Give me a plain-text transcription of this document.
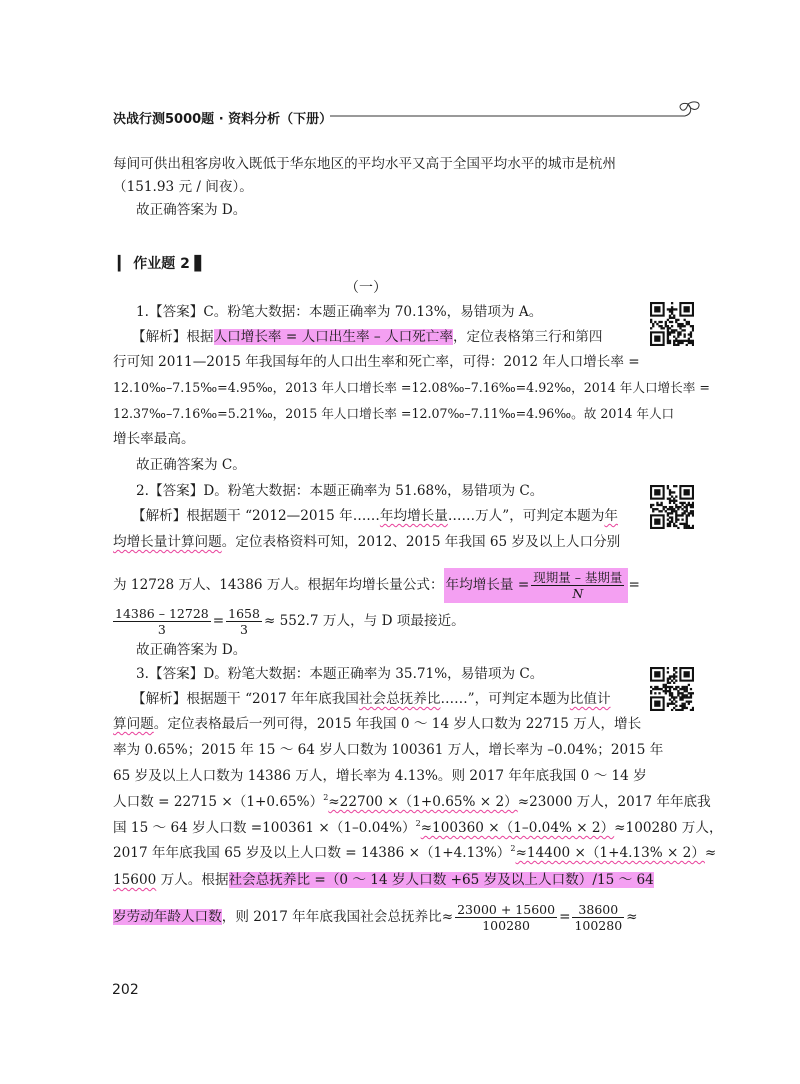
决战行测5000题 · 资料分析（下册）
每间可供出租客房收入既低于华东地区的平均水平又高于全国平均水平的城市是杭州
（151.93 元 / 间夜）。
故正确答案为 D。
▎ 作业题 2 ▋
（一）
1.【答案】C。粉笔大数据：本题正确率为 70.13%，易错项为 A。
【解析】根据人口增长率 = 人口出生率 – 人口死亡率，定位表格第三行和第四
行可知 2011—2015 年我国每年的人口出生率和死亡率，可得：2012 年人口增长率 =
12.10‰–7.15‰=4.95‰，2013 年人口增长率 =12.08‰–7.16‰=4.92‰，2014 年人口增长率 =
12.37‰–7.16‰=5.21‰，2015 年人口增长率 =12.07‰–7.11‰=4.96‰。故 2014 年人口
增长率最高。
故正确答案为 C。
2.【答案】D。粉笔大数据：本题正确率为 51.68%，易错项为 C。
【解析】根据题干 “2012—2015 年……年均增长量……万人”，可判定本题为年
均增长量计算问题。定位表格资料可知，2012、2015 年我国 65 岁及以上人口分别
为 12728 万人、14386 万人。根据年均增长量公式： 年均增长量 = $\frac{\text{现期量 – 基期量}}{N}$ =
$\frac{14386 - 12728}{3} = \frac{1658}{3} \approx 552.7$ 万人，与 D 项最接近。
故正确答案为 D。
3.【答案】D。粉笔大数据：本题正确率为 35.71%，易错项为 C。
【解析】根据题干 “2017 年年底我国社会总抚养比……”，可判定本题为比值计
算问题。定位表格最后一列可得，2015 年我国 0 ～ 14 岁人口数为 22715 万人，增长
率为 0.65%；2015 年 15 ～ 64 岁人口数为 100361 万人，增长率为 –0.04%；2015 年
65 岁及以上人口数为 14386 万人，增长率为 4.13%。则 2017 年年底我国 0 ～ 14 岁
人口数 = $22715 \times(1+0.65\%)^2\approx 22700 \times(1+0.65\% \times 2)\approx 23000$ 万人，2017 年年底我
国 15 ～ 64 岁人口数 $=100361 \times(1-0.04\%)^2\approx 100360 \times(1-0.04\% \times 2)\approx 100280$ 万人，
2017 年年底我国 65 岁及以上人口数 = $14386 \times(1+4.13\%)^2\approx 14400 \times(1+4.13\% \times 2)\approx$
15600 万人。根据社会总抚养比 =（0 ～ 14 岁人口数 +65 岁及以上人口数）/15 ～ 64
岁劳动年龄人口数，则 2017 年年底我国社会总抚养比≈ $\frac{23000 + 15600}{100280} = \frac{38600}{100280}$ ≈
202
